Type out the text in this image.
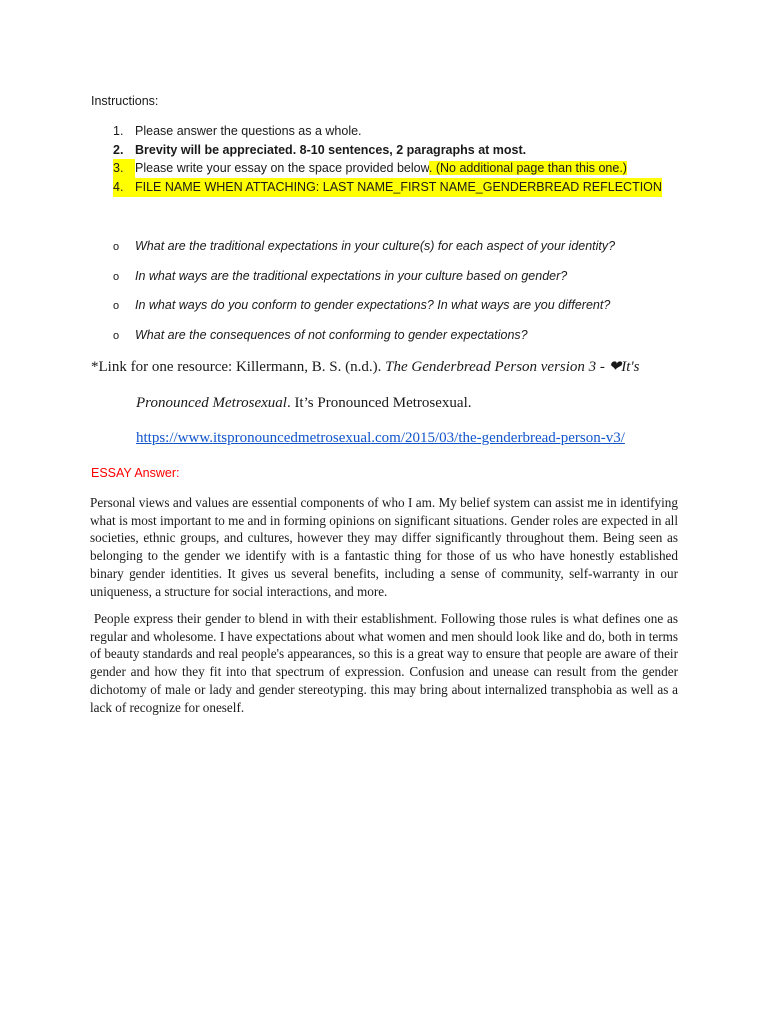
Instructions:
1. Please answer the questions as a whole.
2. Brevity will be appreciated. 8-10 sentences, 2 paragraphs at most.
3. Please write your essay on the space provided below. (No additional page than this one.)
4. FILE NAME WHEN ATTACHING: LAST NAME_FIRST NAME_GENDERBREAD REFLECTION
o What are the traditional expectations in your culture(s) for each aspect of your identity?
o In what ways are the traditional expectations in your culture based on gender?
o In what ways do you conform to gender expectations? In what ways are you different?
o What are the consequences of not conforming to gender expectations?
*Link for one resource: Killermann, B. S. (n.d.). The Genderbread Person version 3 - ❤It's
Pronounced Metrosexual. It’s Pronounced Metrosexual.
https://www.itspronouncedmetrosexual.com/2015/03/the-genderbread-person-v3/
ESSAY Answer:

Personal views and values are essential components of who I am. My belief system can assist me in identifying what is most important to me and in forming opinions on significant situations. Gender roles are expected in all societies, ethnic groups, and cultures, however they may differ significantly throughout them. Being seen as belonging to the gender we identify with is a fantastic thing for those of us who have honestly established binary gender identities. It gives us several benefits, including a sense of community, self-warranty in our uniqueness, a structure for social interactions, and more.

People express their gender to blend in with their establishment. Following those rules is what defines one as regular and wholesome. I have expectations about what women and men should look like and do, both in terms of beauty standards and real people's appearances, so this is a great way to ensure that people are aware of their gender and how they fit into that spectrum of expression. Confusion and unease can result from the gender dichotomy of male or lady and gender stereotyping. this may bring about internalized transphobia as well as a lack of recognize for oneself.
